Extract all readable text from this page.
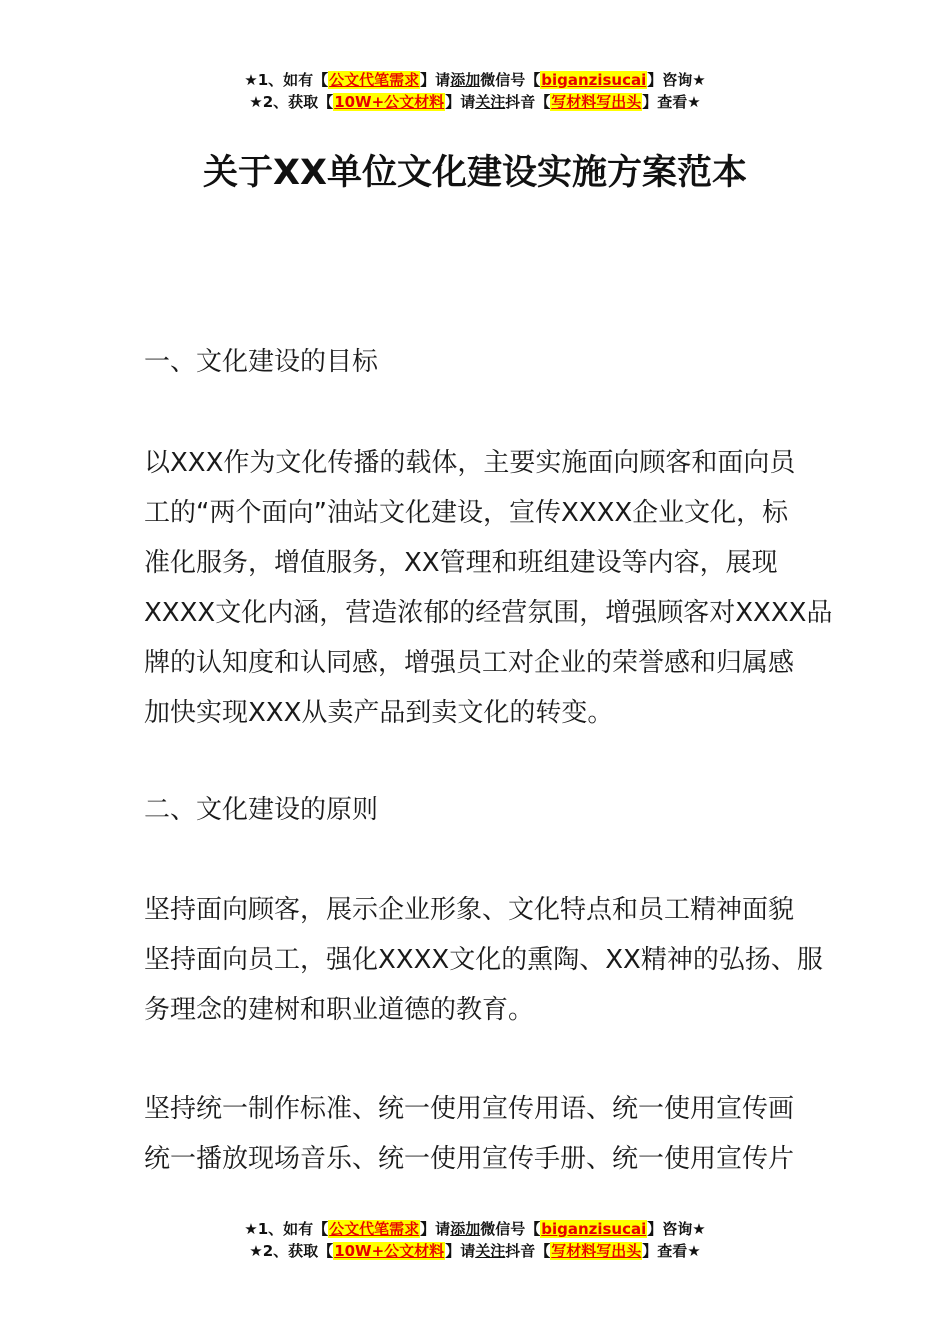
★1、如有【公文代笔需求】请添加微信号【biganzisucai】咨询★
★2、获取【10W+公文材料】请关注抖音【写材料写出头】查看★
关于XX单位文化建设实施方案范本
一、文化建设的目标
以XXX作为文化传播的载体，主要实施面向顾客和面向员
工的“两个面向”油站文化建设，宣传XXXX企业文化，标
准化服务，增值服务，XX管理和班组建设等内容，展现
XXXX文化内涵，营造浓郁的经营氛围，增强顾客对XXXX品
牌的认知度和认同感，增强员工对企业的荣誉感和归属感
加快实现XXX从卖产品到卖文化的转变。
二、文化建设的原则
坚持面向顾客，展示企业形象、文化特点和员工精神面貌
坚持面向员工，强化XXXX文化的熏陶、XX精神的弘扬、服
务理念的建树和职业道德的教育。
坚持统一制作标准、统一使用宣传用语、统一使用宣传画
统一播放现场音乐、统一使用宣传手册、统一使用宣传片
★1、如有【公文代笔需求】请添加微信号【biganzisucai】咨询★
★2、获取【10W+公文材料】请关注抖音【写材料写出头】查看★
